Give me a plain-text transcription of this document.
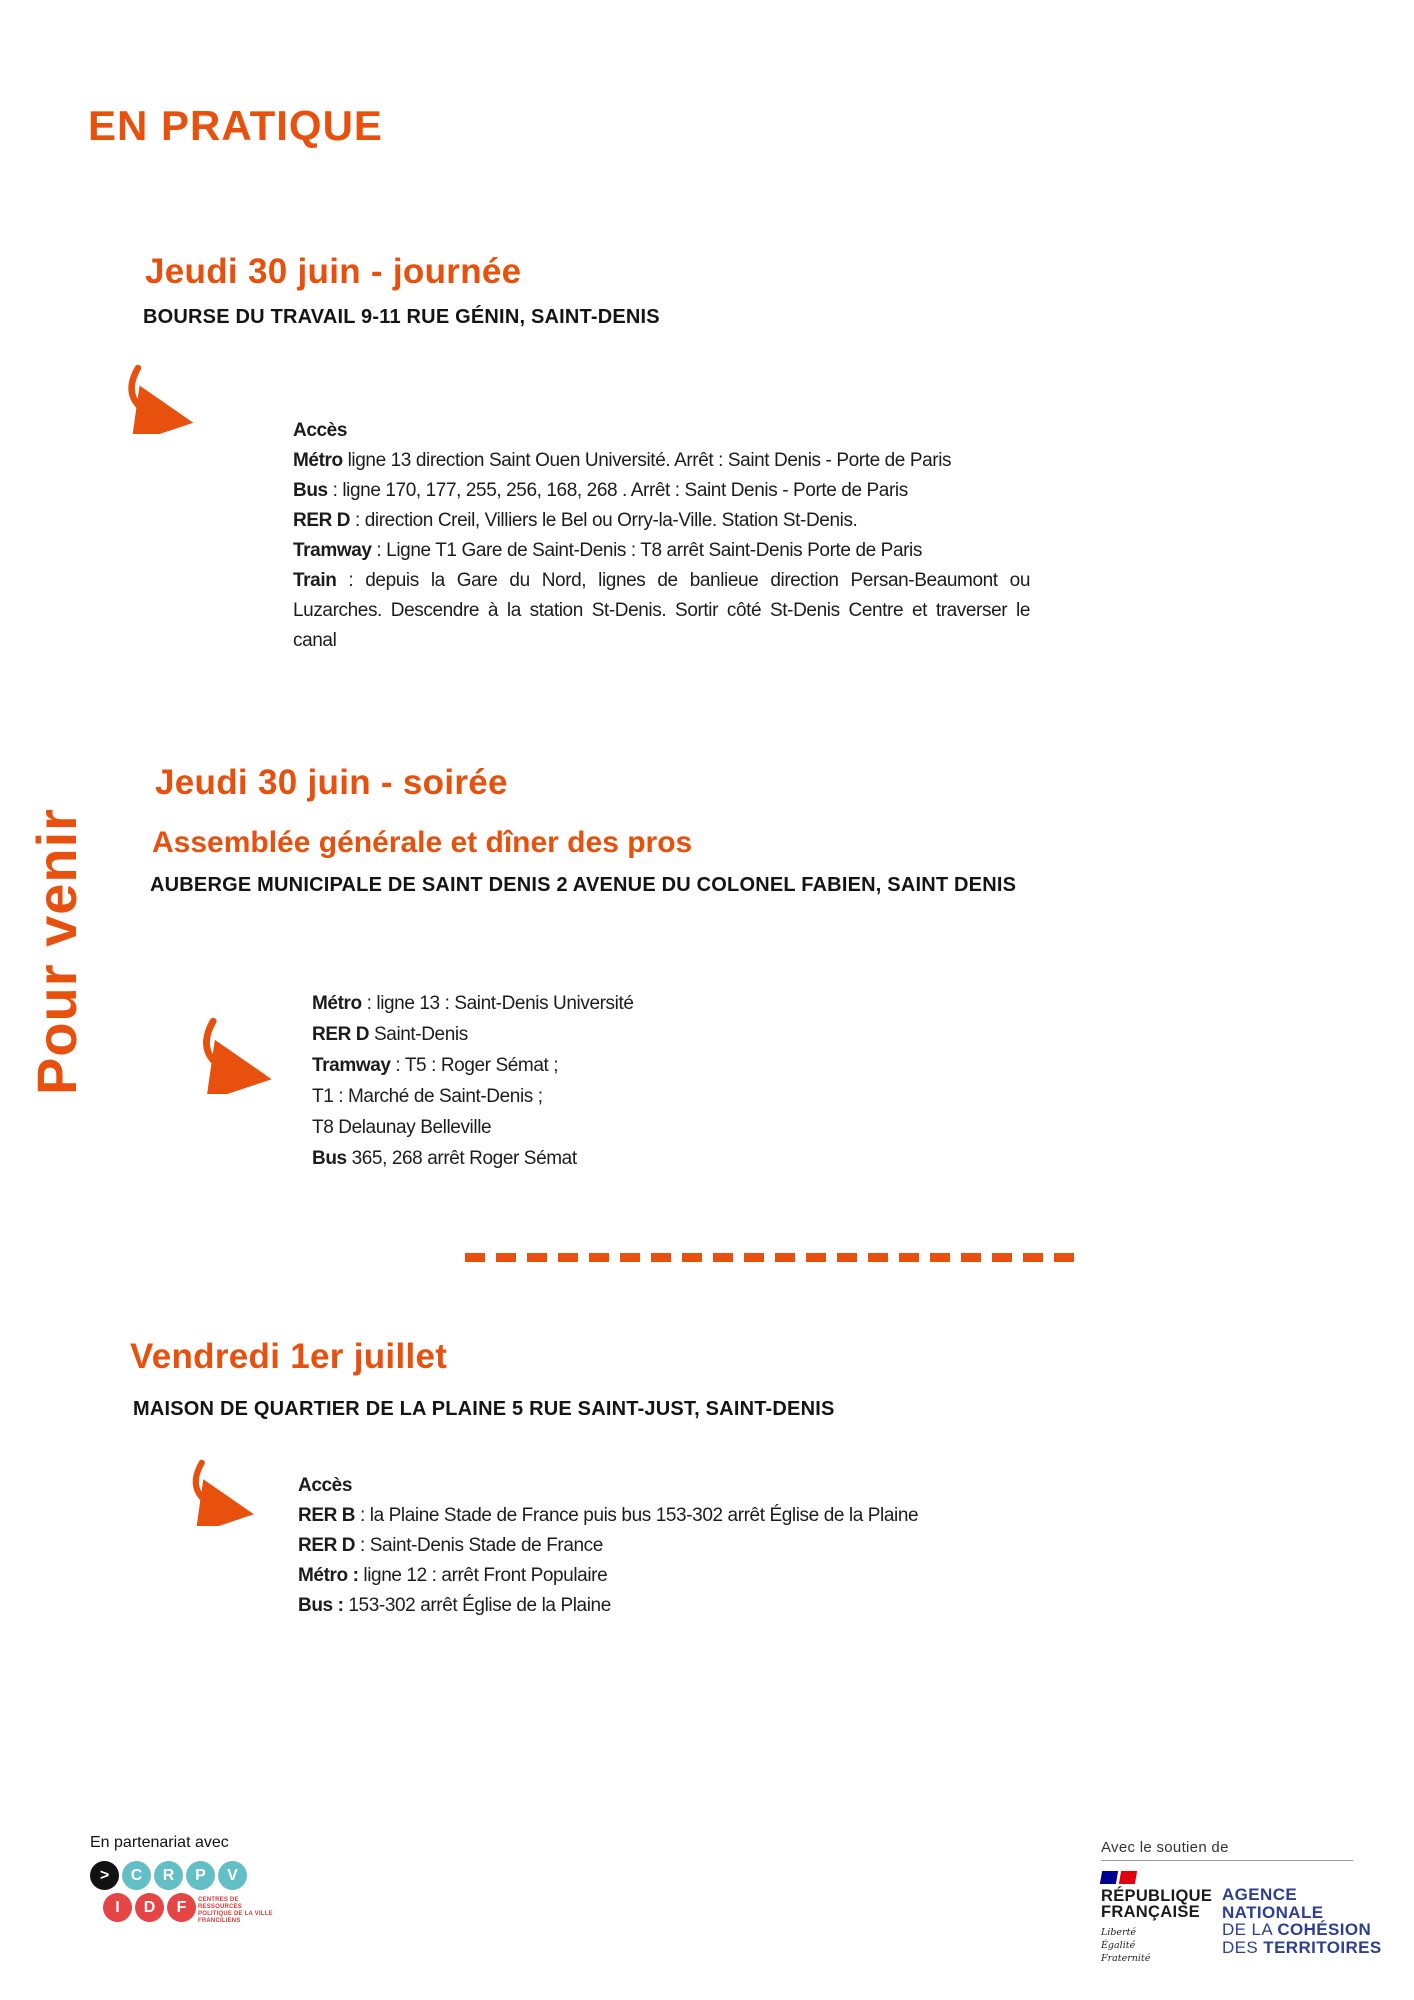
EN PRATIQUE
Pour venir
Jeudi 30 juin - journée
BOURSE DU TRAVAIL 9-11 RUE GÉNIN, SAINT-DENIS
Accès
Métro ligne 13 direction Saint Ouen Université. Arrêt : Saint Denis - Porte de Paris
Bus : ligne 170, 177, 255, 256, 168, 268 . Arrêt : Saint Denis - Porte de Paris
RER D : direction Creil, Villiers le Bel ou Orry-la-Ville. Station St-Denis.
Tramway : Ligne T1 Gare de Saint-Denis : T8 arrêt Saint-Denis Porte de Paris
Train : depuis la Gare du Nord, lignes de banlieue direction Persan-Beaumont ou Luzarches. Descendre à la station St-Denis. Sortir côté St-Denis Centre et traverser le canal
Jeudi 30 juin - soirée
Assemblée générale et dîner des pros
AUBERGE MUNICIPALE DE SAINT DENIS 2 AVENUE DU COLONEL FABIEN, SAINT DENIS
Métro : ligne 13 : Saint-Denis Université
RER D Saint-Denis
Tramway : T5 : Roger Sémat ;
T1 : Marché de Saint-Denis ;
T8 Delaunay Belleville
Bus 365, 268 arrêt Roger Sémat
Vendredi 1er juillet
MAISON DE QUARTIER DE LA PLAINE 5 RUE SAINT-JUST, SAINT-DENIS
Accès
RER B : la Plaine Stade de France puis bus 153-302 arrêt Église de la Plaine
RER D : Saint-Denis Stade de France
Métro : ligne 12 : arrêt Front Populaire
Bus : 153-302 arrêt Église de la Plaine
En partenariat avec
> C R P V
I D F CENTRES DE RESSOURCES POLITIQUE DE LA VILLE FRANCILIENS
Avec le soutien de
RÉPUBLIQUE
FRANÇAISE
Liberté
Égalité
Fraternité
AGENCE
NATIONALE
DE LA COHÉSION
DES TERRITOIRES
